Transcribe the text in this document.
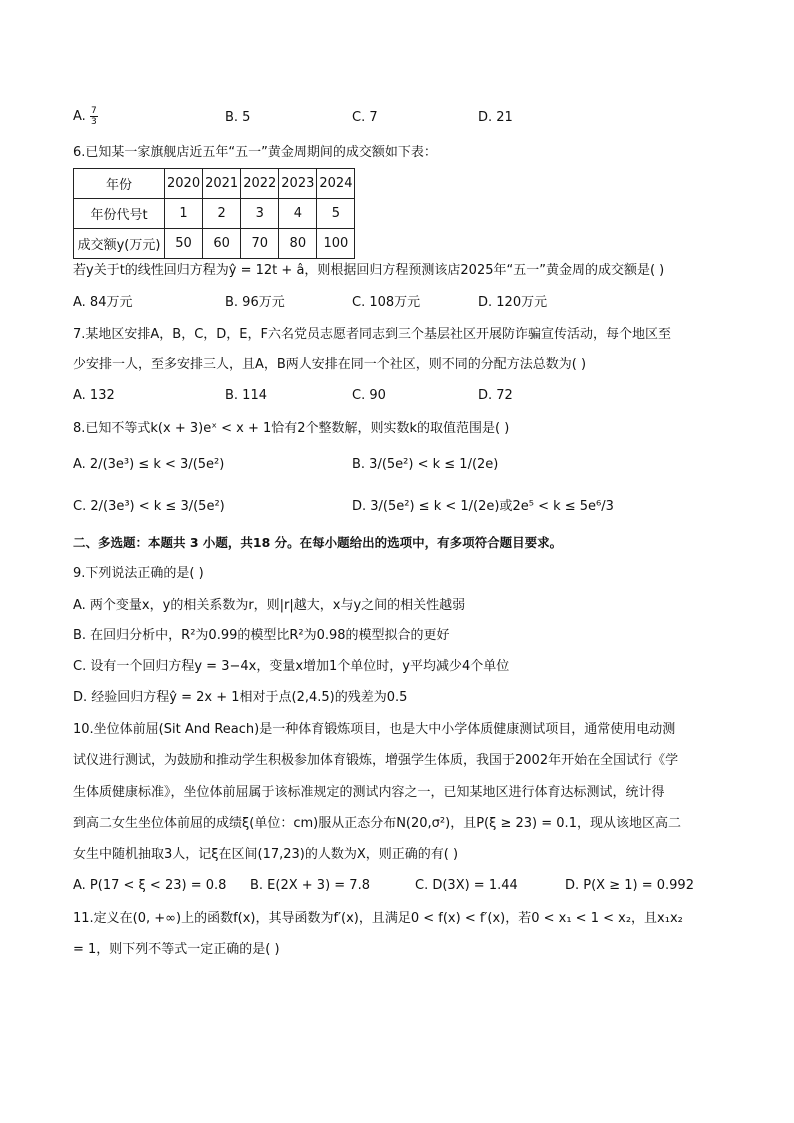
A. $\frac{7}{3}$	B. 5	C. 7	D. 21
6.已知某一家旗舰店近五年“五一”黄金周期间的成交额如下表：
年份	2020	2021	2022	2023	2024
年份代号t	1	2	3	4	5
成交额y(万元)	50	60	70	80	100
若y关于t的线性回归方程为ŷ = 12t + â，则根据回归方程预测该店2025年“五一”黄金周的成交额是( )
A. 84万元	B. 96万元	C. 108万元	D. 120万元
7.某地区安排A，B，C，D，E，F六名党员志愿者同志到三个基层社区开展防诈骗宣传活动，每个地区至
少安排一人，至多安排三人，且A，B两人安排在同一个社区，则不同的分配方法总数为( )
A. 132	B. 114	C. 90	D. 72
8.已知不等式k(x + 3)eˣ < x + 1恰有2个整数解，则实数k的取值范围是( )
A. 2/(3e³) ≤ k < 3/(5e²)	B. 3/(5e²) < k ≤ 1/(2e)
C. 2/(3e³) < k ≤ 3/(5e²)	D. 3/(5e²) ≤ k < 1/(2e)或2e⁵ < k ≤ 5e⁶/3
二、多选题：本题共 3 小题，共18 分。在每小题给出的选项中，有多项符合题目要求。
9.下列说法正确的是( )
A. 两个变量x，y的相关系数为r，则|r|越大，x与y之间的相关性越弱
B. 在回归分析中，R²为0.99的模型比R²为0.98的模型拟合的更好
C. 设有一个回归方程y = 3−4x，变量x增加1个单位时，y平均减少4个单位
D. 经验回归方程ŷ = 2x + 1相对于点(2,4.5)的残差为0.5
10.坐位体前屈(Sit And Reach)是一种体育锻炼项目，也是大中小学体质健康测试项目，通常使用电动测
试仪进行测试，为鼓励和推动学生积极参加体育锻炼，增强学生体质，我国于2002年开始在全国试行《学
生体质健康标准》，坐位体前屈属于该标准规定的测试内容之一，已知某地区进行体育达标测试，统计得
到高二女生坐位体前屈的成绩ξ(单位：cm)服从正态分布N(20,σ²)，且P(ξ ≥ 23) = 0.1，现从该地区高二
女生中随机抽取3人，记ξ在区间(17,23)的人数为X，则正确的有( )
A. P(17 < ξ < 23) = 0.8 B. E(2X + 3) = 7.8	C. D(3X) = 1.44	D. P(X ≥ 1) = 0.992
11.定义在(0, +∞)上的函数f(x)，其导函数为f′(x)，且满足0 < f(x) < f′(x)，若0 < x₁ < 1 < x₂，且x₁x₂
= 1，则下列不等式一定正确的是( )
